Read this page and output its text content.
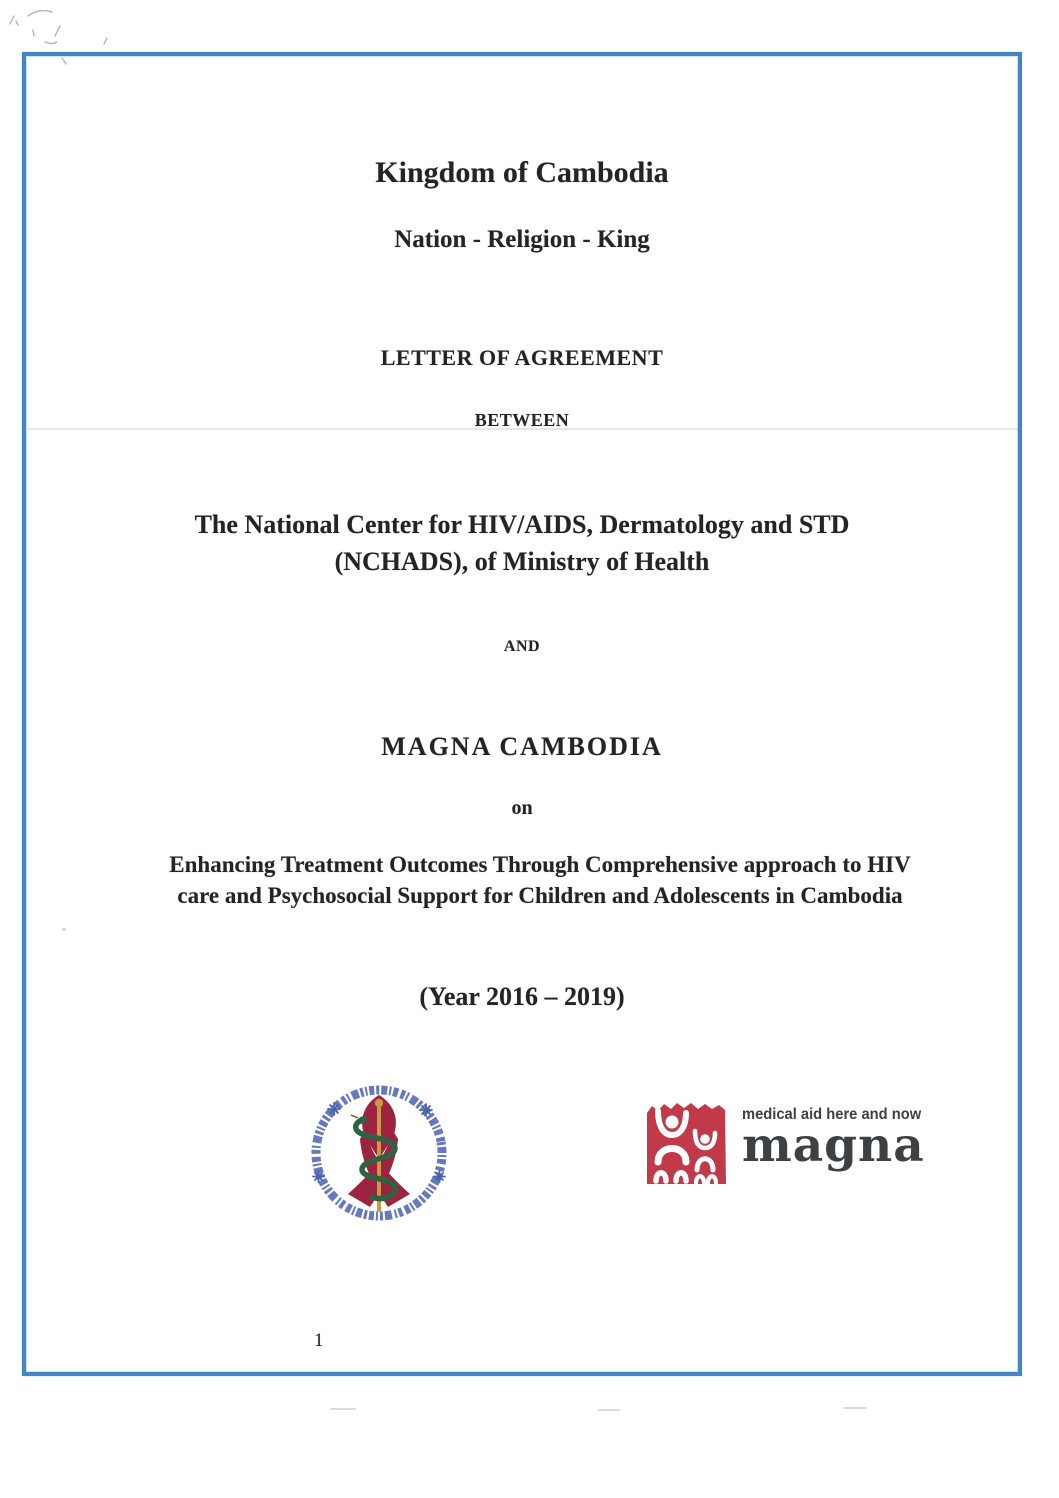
Kingdom of Cambodia
Nation - Religion - King
LETTER OF AGREEMENT
BETWEEN
The National Center for HIV/AIDS, Dermatology and STD
(NCHADS), of Ministry of Health
AND
MAGNA CAMBODIA
on
Enhancing Treatment Outcomes Through Comprehensive approach to HIV
care and Psychosocial Support for Children and Adolescents in Cambodia
(Year 2016 – 2019)
medical aid here and now
magna
1
